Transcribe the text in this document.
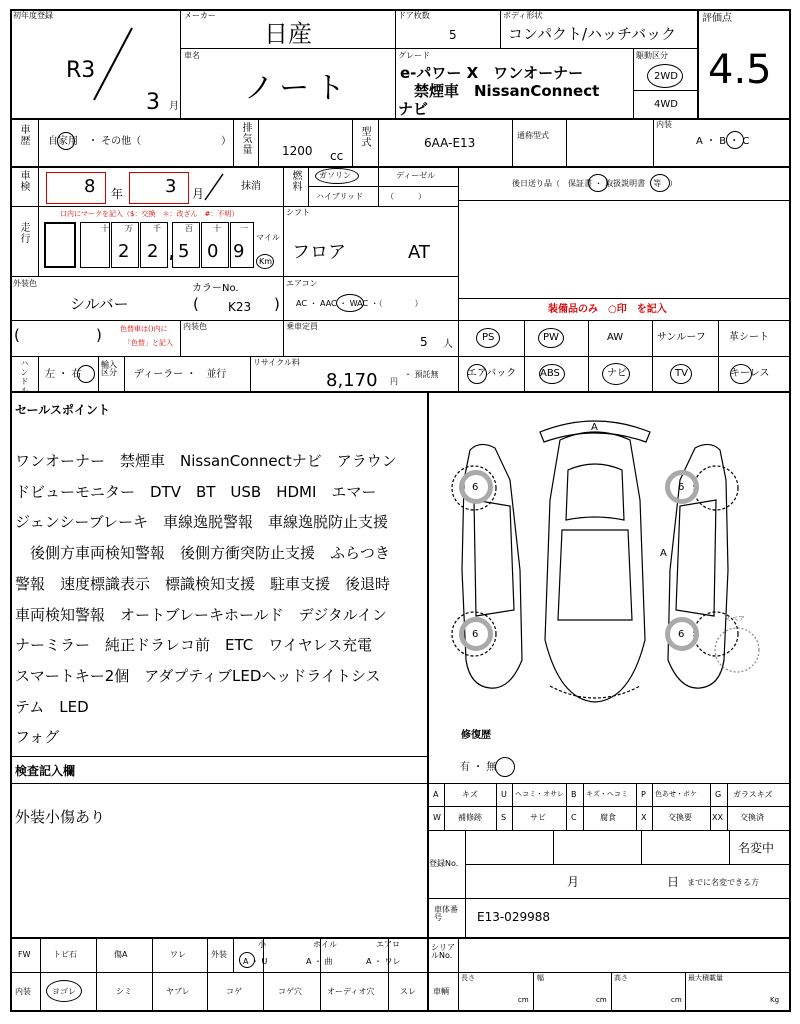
初年度登録
R3
3 月
メーカー
日産
ドア枚数
5
ボディ形状
コンパクト/ハッチバック
評価点
4.5
車名
ノート
グレード
e-パワー X　ワンオーナー
禁煙車　NissanConnect
ナビ
駆動区分
2WD
4WD
車歴 自家用　・ その他（　　　　　　　　） 排気量	1200 cc
型式	6AA-E13
通称型式
内装
A ・ B ・ C
車検	8 年 3 月
抹消	燃料 ガソリン	ディーゼル
ハイブリッド	（　　　）
後日送り品（　保証書 ・ 取扱説明書　等　）
走行
口内にマークを記入（$：交換　＊：改ざん　#：不明）
十 万	千	百	十 一
2 2 5 0 9
,
マイル
Km
シフト
フロア	AT
外装色
シルバー
カラーNo.
( K23 )
エアコン
AC ・ AAC ・ WAC ・（　　　　）
装備品のみ　○印　を記入
(	)	色替車は()内に
「色替」と記入
内装色	乗車定員
5 人
PS	PW	AW	サンルーフ 革シート
ハンドル 左 ・ 右
輸入区分	ディーラー ・　並行
リサイクル料
8,170 円
・ 預託無	エアバック ABS	ナビ	TV	キーレス
セールスポイント
ワンオーナー　禁煙車　NissanConnectナビ　アラウン
ドビューモニター　DTV　BT　USB　HDMI　エマー
ジェンシーブレーキ　車線逸脱警報　車線逸脱防止支援
　後側方車両検知警報　後側方衝突防止支援　ふらつき
警報　速度標識表示　標識検知支援　駐車支援　後退時
車両検知警報　オートブレーキホールド　デジタルイン
ナーミラー　純正ドラレコ前　ETC　ワイヤレス充電
スマートキー2個　アダプティブLEDヘッドライトシス
テム　LED
フォグ
6	6
6	6
A
A
スペア
修復歴
有 ・ 無
検査記入欄
外装小傷あり
A	キズ	U ヘコミ・オサレ B キズ・ヘコミ P 色あせ・ボケ G ガラスキズ
W 補修跡 S	サビ	C	腐食	X	交換要	XX 交換済
登録No.
名変中
月	日 までに名変できる方
車体番号	E13-029988
FW	トビ石	傷A	ワレ	外装
小	ホイル	エアロ
A ・ U	A ・ 曲	A ・ ワレ
シリアルNo.
内装	ヨゴレ	シミ	ヤブレ	コゲ	コゲ穴	オーディオ穴	スレ 車輌
長さ
cm
幅
cm
高さ
cm
最大積載量
Kg
